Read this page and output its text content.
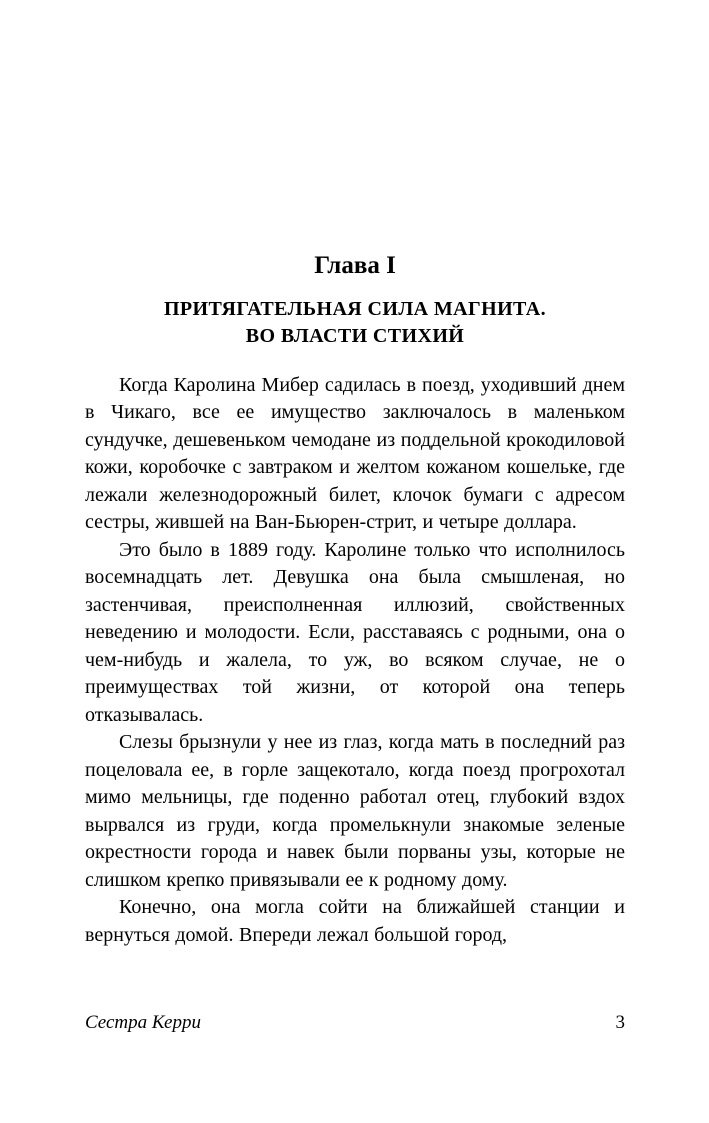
Глава I
ПРИТЯГАТЕЛЬНАЯ СИЛА МАГНИТА.
ВО ВЛАСТИ СТИХИЙ

Когда Каролина Мибер садилась в поезд, уходивший днем в Чикаго, все ее имущество заключалось в маленьком сундучке, дешевеньком чемодане из поддельной крокодиловой кожи, коробочке с завтраком и желтом кожаном кошельке, где лежали железнодорожный билет, клочок бумаги с адресом сестры, жившей на Ван-Бьюрен-стрит, и четыре доллара.

Это было в 1889 году. Каролине только что исполнилось восемнадцать лет. Девушка она была смышленая, но застенчивая, преисполненная иллюзий, свойственных неведению и молодости. Если, расставаясь с родными, она о чем-нибудь и жалела, то уж, во всяком случае, не о преимуществах той жизни, от которой она теперь отказывалась.

Слезы брызнули у нее из глаз, когда мать в последний раз поцеловала ее, в горле защекотало, когда поезд прогрохотал мимо мельницы, где поденно работал отец, глубокий вздох вырвался из груди, когда промелькнули знакомые зеленые окрестности города и навек были порваны узы, которые не слишком крепко привязывали ее к родному дому.

Конечно, она могла сойти на ближайшей станции и вернуться домой. Впереди лежал большой город,

Сестра Керри	3
